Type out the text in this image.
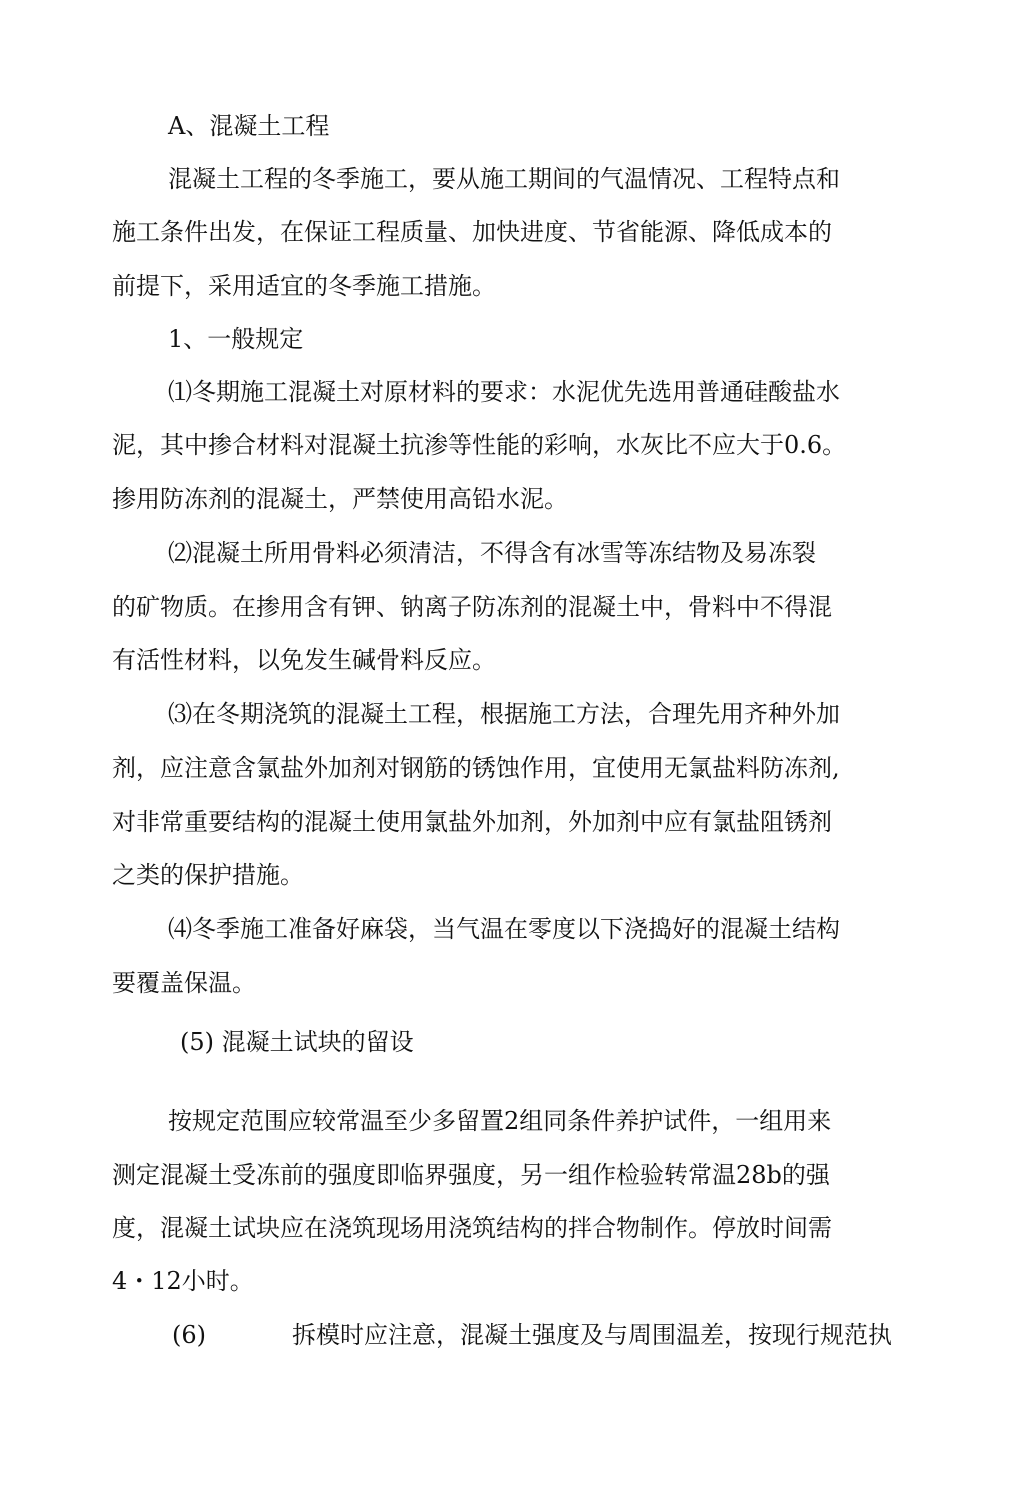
A、混凝土工程
混凝土工程的冬季施工，要从施工期间的气温情况、工程特点和
施工条件出发，在保证工程质量、加快进度、节省能源、降低成本的
前提下，采用适宜的冬季施工措施。
1、一般规定
⑴冬期施工混凝土对原材料的要求：水泥优先选用普通硅酸盐水
泥，其中掺合材料对混凝土抗渗等性能的彩响，水灰比不应大于0.6。
掺用防冻剂的混凝土，严禁使用高铅水泥。
⑵混凝土所用骨料必须清洁，不得含有冰雪等冻结物及易冻裂
的矿物质。在掺用含有钾、钠离子防冻剂的混凝土中，骨料中不得混
有活性材料，以免发生碱骨料反应。
⑶在冬期浇筑的混凝土工程，根据施工方法，合理先用齐种外加
剂，应注意含氯盐外加剂对钢筋的锈蚀作用，宜使用无氯盐料防冻剂,
对非常重要结构的混凝土使用氯盐外加剂，外加剂中应有氯盐阻锈剂
之类的保护措施。
⑷冬季施工准备好麻袋，当气温在零度以下浇捣好的混凝土结构
要覆盖保温。
(5) 混凝土试块的留设
按规定范围应较常温至少多留置2组同条件养护试件，一组用来
测定混凝土受冻前的强度即临界强度，另一组作检验转常温28b的强
度，混凝土试块应在浇筑现场用浇筑结构的拌合物制作。停放时间需
4・12小时。
(6)	拆模时应注意，混凝土强度及与周围温差，按现行规范执
